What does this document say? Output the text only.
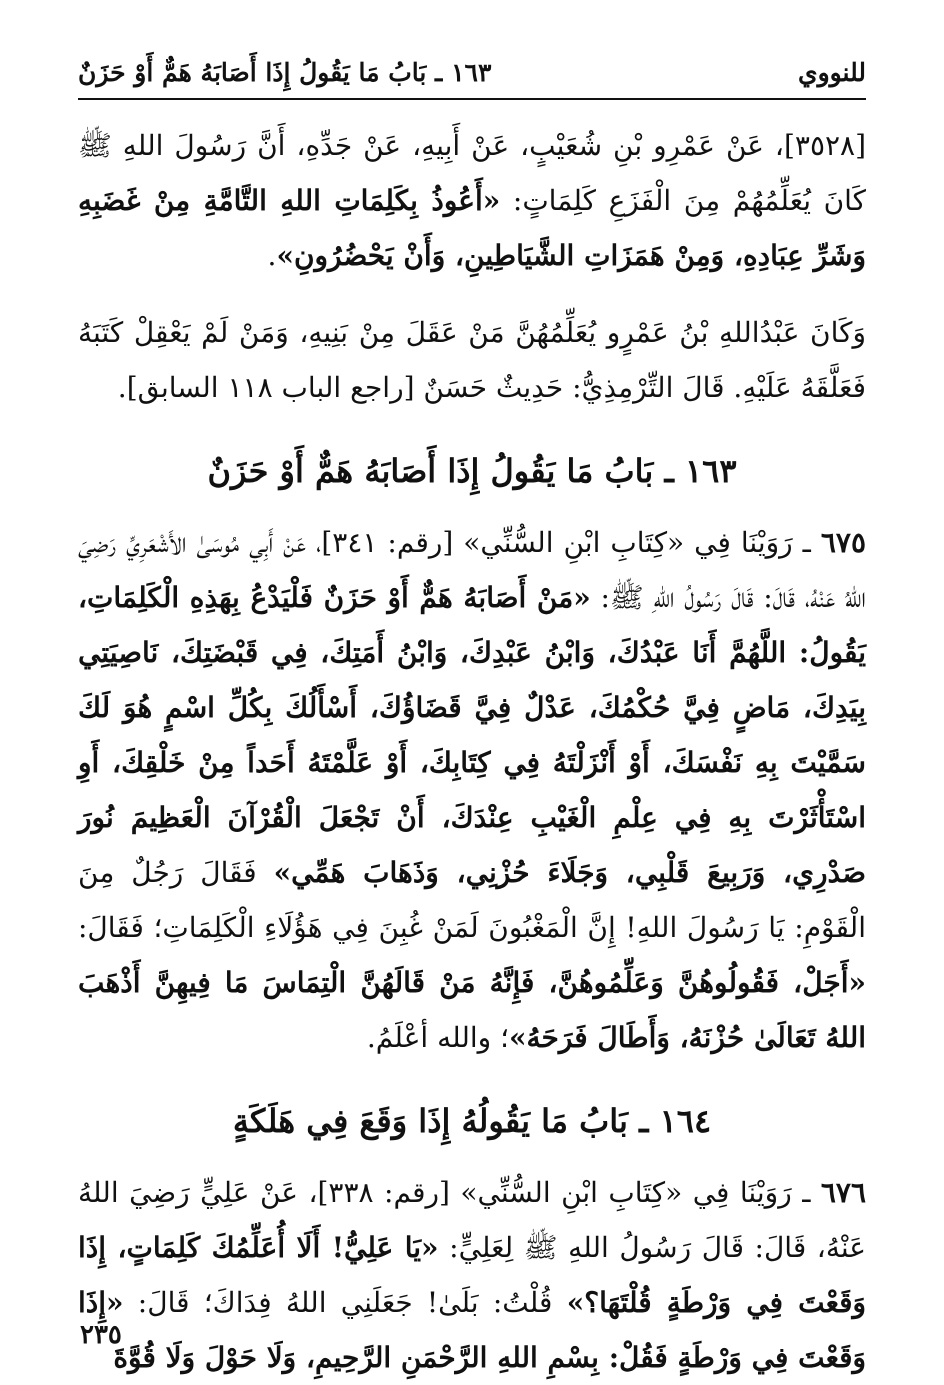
للنووي
١٦٣ ـ بَابُ مَا يَقُولُ إِذَا أَصَابَهُ هَمٌّ أَوْ حَزَنٌ

[٣٥٢٨]، عَنْ عَمْرِو بْنِ شُعَيْبٍ، عَنْ أَبِيهِ، عَنْ جَدِّهِ، أَنَّ رَسُولَ اللهِ ﷺ كَانَ يُعَلِّمُهُمْ مِنَ الْفَزَعِ كَلِمَاتٍ: «أَعُوذُ بِكَلِمَاتِ اللهِ التَّامَّةِ مِنْ غَضَبِهِ وَشَرِّ عِبَادِهِ، وَمِنْ هَمَزَاتِ الشَّيَاطِينِ، وَأَنْ يَحْضُرُونِ».

وَكَانَ عَبْدُاللهِ بْنُ عَمْرٍو يُعَلِّمُهُنَّ مَنْ عَقَلَ مِنْ بَنِيهِ، وَمَنْ لَمْ يَعْقِلْ كَتَبَهُ فَعَلَّقَهُ عَلَيْهِ. قَالَ التِّرْمِذِيُّ: حَدِيثٌ حَسَنٌ [راجع الباب ١١٨ السابق].

١٦٣ ـ بَابُ مَا يَقُولُ إِذَا أَصَابَهُ هَمٌّ أَوْ حَزَنٌ

٦٧٥ ـ رَوَيْنَا فِي «كِتَابِ ابْنِ السُّنِّي» [رقم: ٣٤١]، عَنْ أَبِي مُوسَىٰ الأَشْعَرِيِّ رَضِيَ اللهُ عَنْهُ، قَالَ: قَالَ رَسُولُ اللهِ ﷺ: «مَنْ أَصَابَهُ هَمٌّ أَوْ حَزَنٌ فَلْيَدْعُ بِهَذِهِ الْكَلِمَاتِ، يَقُولُ: اللَّهُمَّ أَنَا عَبْدُكَ، وَابْنُ عَبْدِكَ، وَابْنُ أَمَتِكَ، فِي قَبْضَتِكَ، نَاصِيَتِي بِيَدِكَ، مَاضٍ فِيَّ حُكْمُكَ، عَدْلٌ فِيَّ قَضَاؤُكَ، أَسْأَلُكَ بِكُلِّ اسْمٍ هُوَ لَكَ سَمَّيْتَ بِهِ نَفْسَكَ، أَوْ أَنْزَلْتَهُ فِي كِتَابِكَ، أَوْ عَلَّمْتَهُ أَحَداً مِنْ خَلْقِكَ، أَوِ اسْتَأْثَرْتَ بِهِ فِي عِلْمِ الْغَيْبِ عِنْدَكَ، أَنْ تَجْعَلَ الْقُرْآنَ الْعَظِيمَ نُورَ صَدْرِي، وَرَبِيعَ قَلْبِي، وَجَلَاءَ حُزْنِي، وَذَهَابَ هَمِّي» فَقَالَ رَجُلٌ مِنَ الْقَوْمِ: يَا رَسُولَ اللهِ! إِنَّ الْمَغْبُونَ لَمَنْ غُبِنَ فِي هَؤُلَاءِ الْكَلِمَاتِ؛ فَقَالَ: «أَجَلْ، فَقُولُوهُنَّ وَعَلِّمُوهُنَّ، فَإِنَّهُ مَنْ قَالَهُنَّ الْتِمَاسَ مَا فِيهِنَّ أَذْهَبَ اللهُ تَعَالَىٰ حُزْنَهُ، وَأَطَالَ فَرَحَهُ»؛ والله أعْلَمُ.

١٦٤ ـ بَابُ مَا يَقُولُهُ إِذَا وَقَعَ فِي هَلَكَةٍ

٦٧٦ ـ رَوَيْنَا فِي «كِتَابِ ابْنِ السُّنِّي» [رقم: ٣٣٨]، عَنْ عَلِيٍّ رَضِيَ اللهُ عَنْهُ، قَالَ: قَالَ رَسُولُ اللهِ ﷺ لِعَلِيٍّ: «يَا عَلِيُّ! أَلَا أُعَلِّمُكَ كَلِمَاتٍ، إِذَا وَقَعْتَ فِي وَرْطَةٍ قُلْتَهَا؟» قُلْتُ: بَلَىٰ! جَعَلَنِي اللهُ فِدَاكَ؛ قَالَ: «إِذَا وَقَعْتَ فِي وَرْطَةٍ فَقُلْ: بِسْمِ اللهِ الرَّحْمَنِ الرَّحِيمِ، وَلَا حَوْلَ وَلَا قُوَّةَ

٢٣٥
